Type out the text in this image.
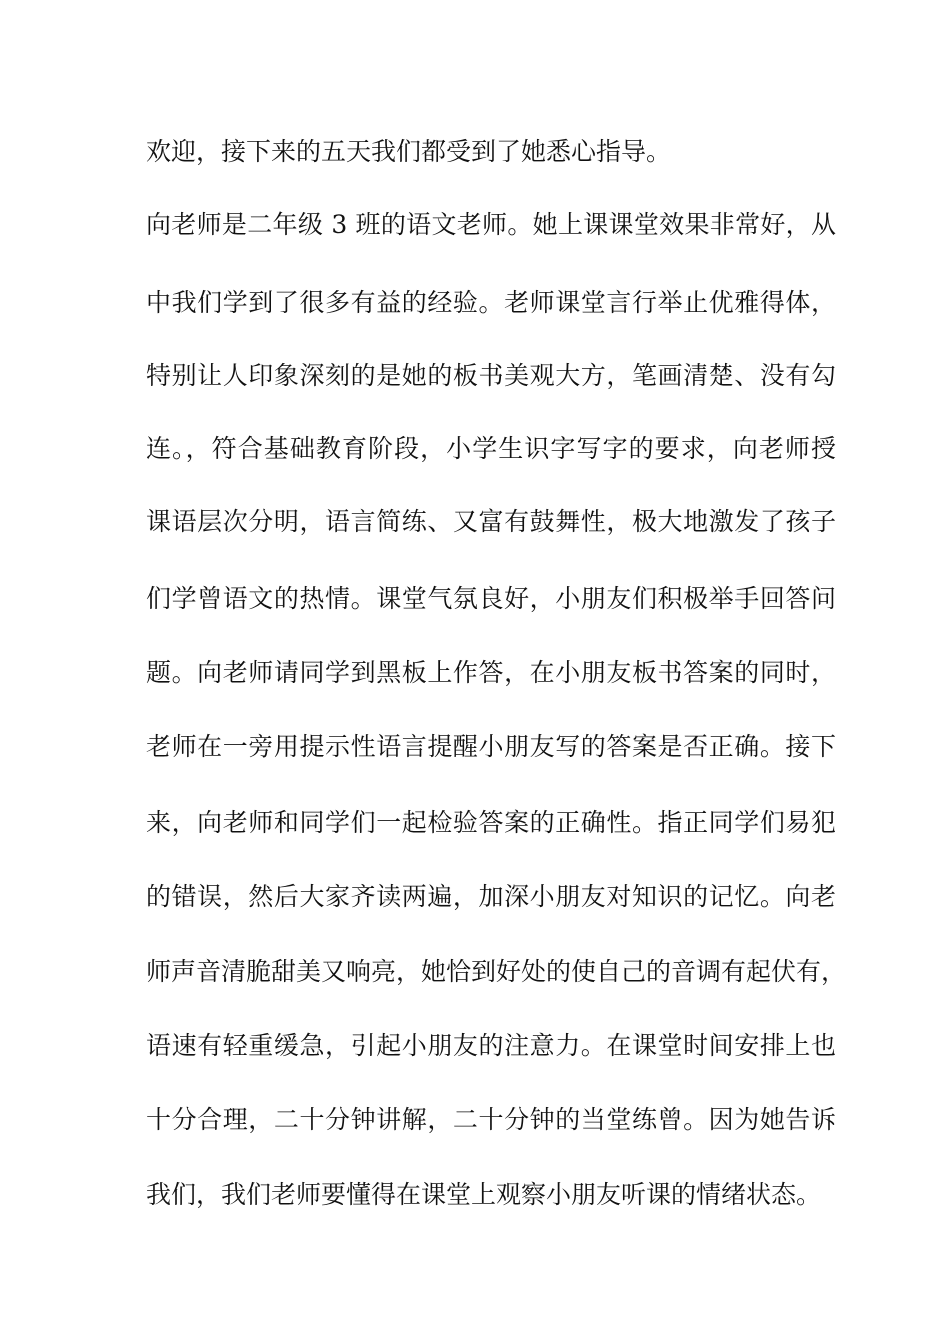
欢迎，接下来的五天我们都受到了她悉心指导。
向老师是二年级 3 班的语文老师。她上课课堂效果非常好，从
中我们学到了很多有益的经验。老师课堂言行举止优雅得体，
特别让人印象深刻的是她的板书美观大方，笔画清楚、没有勾
连。，符合基础教育阶段，小学生识字写字的要求，向老师授
课语层次分明，语言简练、又富有鼓舞性，极大地激发了孩子
们学曾语文的热情。课堂气氛良好，小朋友们积极举手回答问
题。向老师请同学到黑板上作答，在小朋友板书答案的同时，
老师在一旁用提示性语言提醒小朋友写的答案是否正确。接下
来，向老师和同学们一起检验答案的正确性。指正同学们易犯
的错误，然后大家齐读两遍，加深小朋友对知识的记忆。向老
师声音清脆甜美又响亮，她恰到好处的使自己的音调有起伏有，
语速有轻重缓急，引起小朋友的注意力。在课堂时间安排上也
十分合理，二十分钟讲解，二十分钟的当堂练曾。因为她告诉
我们，我们老师要懂得在课堂上观察小朋友听课的情绪状态。
